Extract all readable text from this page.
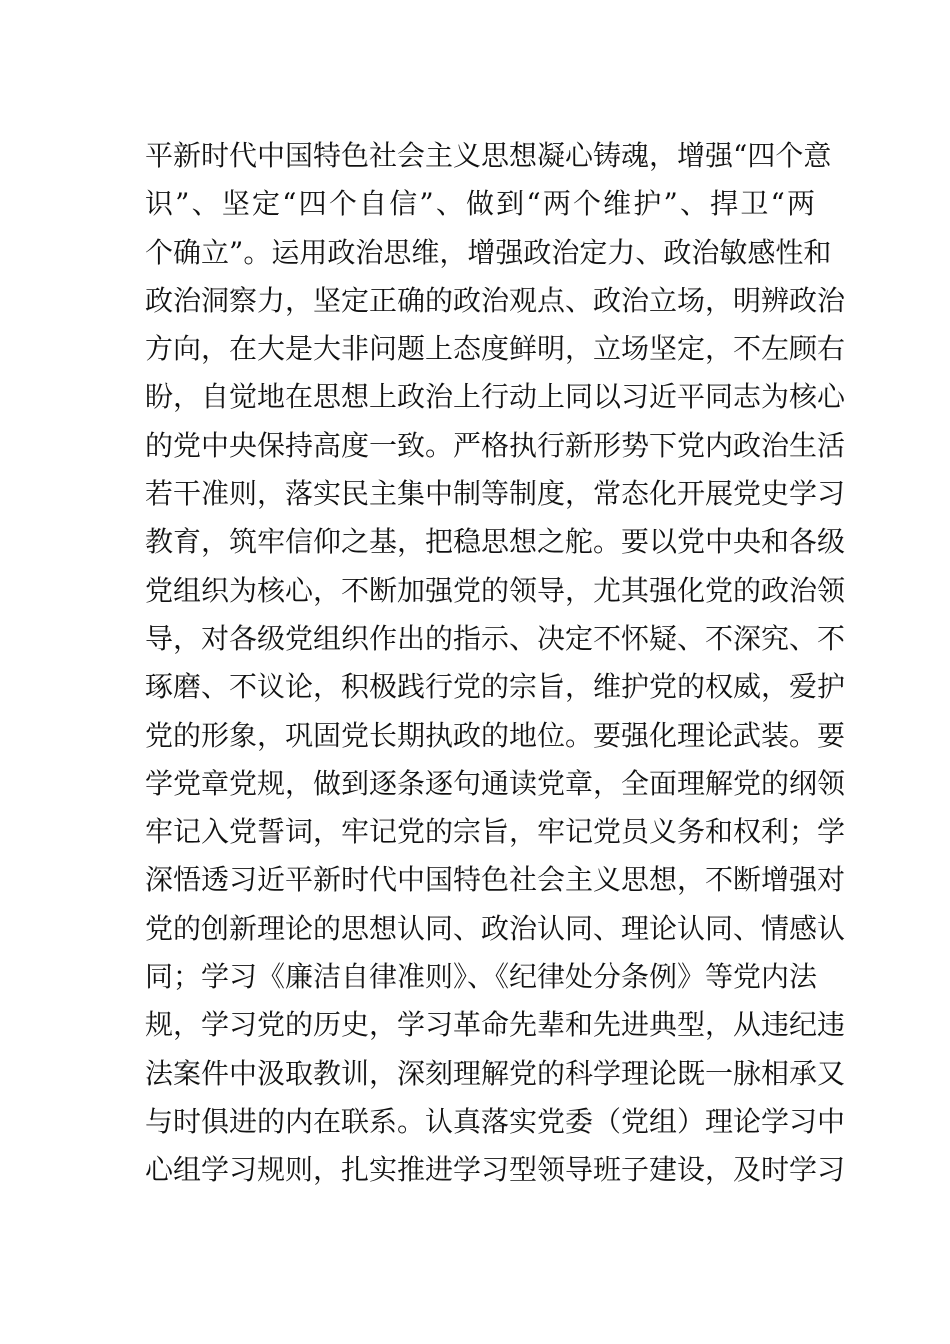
平新时代中国特色社会主义思想凝心铸魂，增强“四个意
识”、坚定“四个自信”、做到“两个维护”、捍卫“两
个确立”。运用政治思维，增强政治定力、政治敏感性和
政治洞察力，坚定正确的政治观点、政治立场，明辨政治
方向，在大是大非问题上态度鲜明，立场坚定，不左顾右
盼，自觉地在思想上政治上行动上同以习近平同志为核心
的党中央保持高度一致。严格执行新形势下党内政治生活
若干准则，落实民主集中制等制度，常态化开展党史学习
教育，筑牢信仰之基，把稳思想之舵。要以党中央和各级
党组织为核心，不断加强党的领导，尤其强化党的政治领
导，对各级党组织作出的指示、决定不怀疑、不深究、不
琢磨、不议论，积极践行党的宗旨，维护党的权威，爱护
党的形象，巩固党长期执政的地位。要强化理论武装。要
学党章党规，做到逐条逐句通读党章，全面理解党的纲领
牢记入党誓词，牢记党的宗旨，牢记党员义务和权利；学
深悟透习近平新时代中国特色社会主义思想，不断增强对
党的创新理论的思想认同、政治认同、理论认同、情感认
同；学习《廉洁自律准则》、《纪律处分条例》等党内法
规，学习党的历史，学习革命先辈和先进典型，从违纪违
法案件中汲取教训，深刻理解党的科学理论既一脉相承又
与时俱进的内在联系。认真落实党委（党组）理论学习中
心组学习规则，扎实推进学习型领导班子建设，及时学习
